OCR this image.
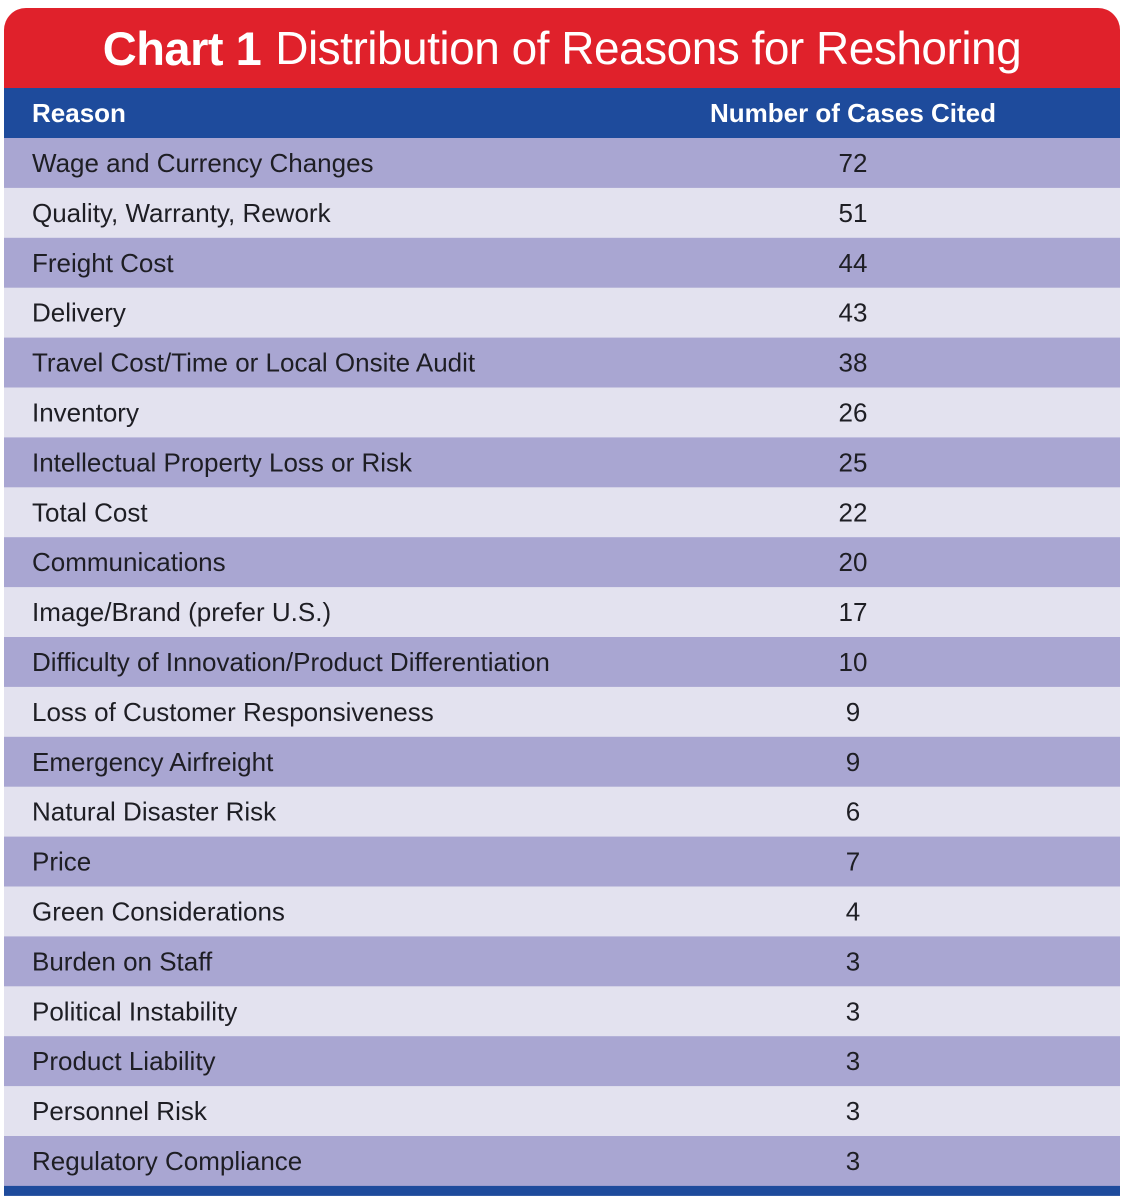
Chart 1 Distribution of Reasons for Reshoring
Reason	Number of Cases Cited
Wage and Currency Changes	72
Quality, Warranty, Rework	51
Freight Cost	44
Delivery	43
Travel Cost/Time or Local Onsite Audit	38
Inventory	26
Intellectual Property Loss or Risk	25
Total Cost	22
Communications	20
Image/Brand (prefer U.S.)	17
Difficulty of Innovation/Product Differentiation	10
Loss of Customer Responsiveness	9
Emergency Airfreight	9
Natural Disaster Risk	6
Price	7
Green Considerations	4
Burden on Staff	3
Political Instability	3
Product Liability	3
Personnel Risk	3
Regulatory Compliance	3
